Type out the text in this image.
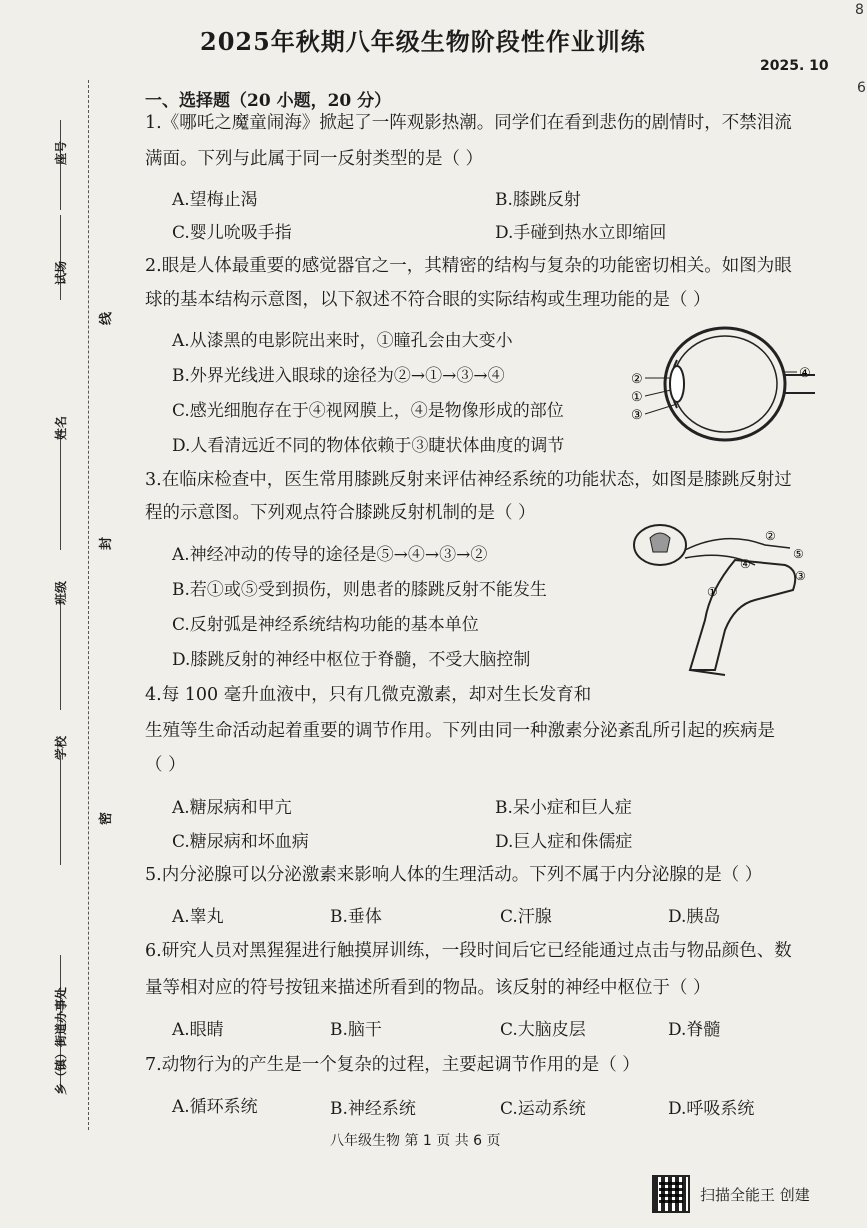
座号
试场
姓名
班级
学校
乡（镇）街道办事处
线
封
密
8
6
2025年秋期八年级生物阶段性作业训练
2025. 10
一、选择题（20 小题，20 分）
1.《哪吒之魔童闹海》掀起了一阵观影热潮。同学们在看到悲伤的剧情时，不禁泪流
满面。下列与此属于同一反射类型的是（ ）
A.望梅止渴	B.膝跳反射
C.婴儿吮吸手指	D.手碰到热水立即缩回
2.眼是人体最重要的感觉器官之一，其精密的结构与复杂的功能密切相关。如图为眼
球的基本结构示意图，以下叙述不符合眼的实际结构或生理功能的是（ ）
A.从漆黑的电影院出来时，①瞳孔会由大变小
B.外界光线进入眼球的途径为②→①→③→④
C.感光细胞存在于④视网膜上，④是物像形成的部位
D.人看清远近不同的物体依赖于③睫状体曲度的调节
②
①
③
④
3.在临床检查中，医生常用膝跳反射来评估神经系统的功能状态，如图是膝跳反射过
程的示意图。下列观点符合膝跳反射机制的是（ ）
A.神经冲动的传导的途径是⑤→④→③→②
B.若①或⑤受到损伤，则患者的膝跳反射不能发生
C.反射弧是神经系统结构功能的基本单位
D.膝跳反射的神经中枢位于脊髓，不受大脑控制
②
⑤
④
③
①
4.每 100 毫升血液中，只有几微克激素，却对生长发育和
生殖等生命活动起着重要的调节作用。下列由同一种激素分泌紊乱所引起的疾病是
（ ）
A.糖尿病和甲亢	B.呆小症和巨人症
C.糖尿病和坏血病	D.巨人症和侏儒症
5.内分泌腺可以分泌激素来影响人体的生理活动。下列不属于内分泌腺的是（ ）
A.睾丸	B.垂体	C.汗腺	D.胰岛
6.研究人员对黑猩猩进行触摸屏训练，一段时间后它已经能通过点击与物品颜色、数
量等相对应的符号按钮来描述所看到的物品。该反射的神经中枢位于（ ）
A.眼睛	B.脑干	C.大脑皮层	D.脊髓
7.动物行为的产生是一个复杂的过程，主要起调节作用的是（ ）
A.循环系统	B.神经系统	C.运动系统	D.呼吸系统
八年级生物 第 1 页 共 6 页
扫描全能王 创建
